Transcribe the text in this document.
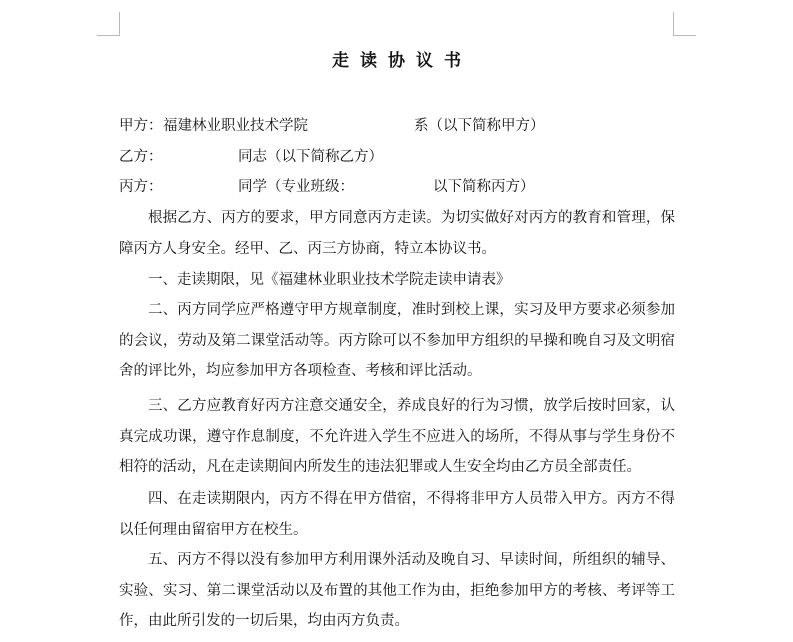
走读协议书
甲方： 福建林业职业技术学院	系（以下简称甲方）
乙方：	同志（以下简称乙方）
丙方：	同学（专业班级：	以下简称丙方）
根据乙方、丙方的要求，甲方同意丙方走读。为切实做好对丙方的教育和管理，保障丙方人身安全。经甲、乙、丙三方协商，特立本协议书。
一、走读期限，见《福建林业职业技术学院走读申请表》
二、丙方同学应严格遵守甲方规章制度，准时到校上课，实习及甲方要求必须参加的会议，劳动及第二课堂活动等。丙方除可以不参加甲方组织的早操和晚自习及文明宿舍的评比外，均应参加甲方各项检查、考核和评比活动。
三、乙方应教育好丙方注意交通安全，养成良好的行为习惯，放学后按时回家，认真完成功课，遵守作息制度，不允许进入学生不应进入的场所，不得从事与学生身份不相符的活动，凡在走读期间内所发生的违法犯罪或人生安全均由乙方员全部责任。
四、在走读期限内，丙方不得在甲方借宿，不得将非甲方人员带入甲方。丙方不得以任何理由留宿甲方在校生。
五、丙方不得以没有参加甲方利用课外活动及晚自习、早读时间，所组织的辅导、实验、实习、第二课堂活动以及布置的其他工作为由，拒绝参加甲方的考核、考评等工作，由此所引发的一切后果，均由丙方负责。
